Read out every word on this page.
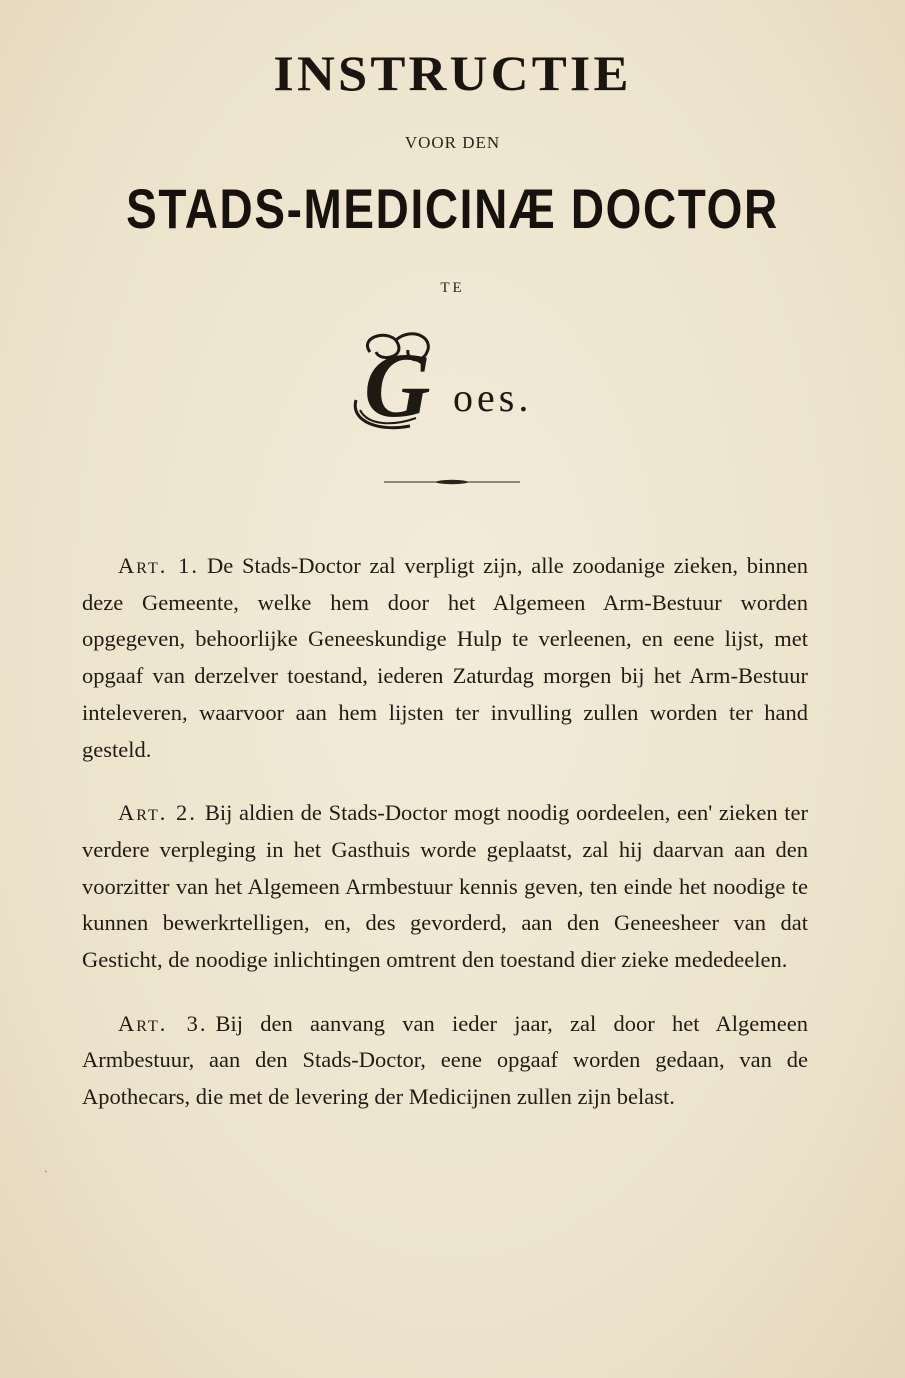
INSTRUCTIE
VOOR DEN
STADS-MEDICINÆ DOCTOR
TE
G oes.

Art. 1. De Stads-Doctor zal verpligt zijn, alle zoodanige zieken, binnen deze Gemeente, welke hem door het Algemeen Arm-Bestuur worden opgegeven, behoorlijke Geneeskundige Hulp te verleenen, en eene lijst, met opgaaf van derzelver toestand, iederen Zaturdag morgen bij het Arm-Bestuur inteleveren, waarvoor aan hem lijsten ter invulling zullen worden ter hand gesteld.

Art. 2. Bij aldien de Stads-Doctor mogt noodig oordeelen, een' zieken ter verdere verpleging in het Gasthuis worde geplaatst, zal hij daarvan aan den voorzitter van het Algemeen Armbestuur kennis geven, ten einde het noodige te kunnen bewerkrtelligen, en, des gevorderd, aan den Geneesheer van dat Gesticht, de noodige inlichtingen omtrent den toestand dier zieke mededeelen.

Art. 3. Bij den aanvang van ieder jaar, zal door het Algemeen Armbestuur, aan den Stads-Doctor, eene opgaaf worden gedaan, van de Apothecars, die met de levering der Medicijnen zullen zijn belast.

ˋ
